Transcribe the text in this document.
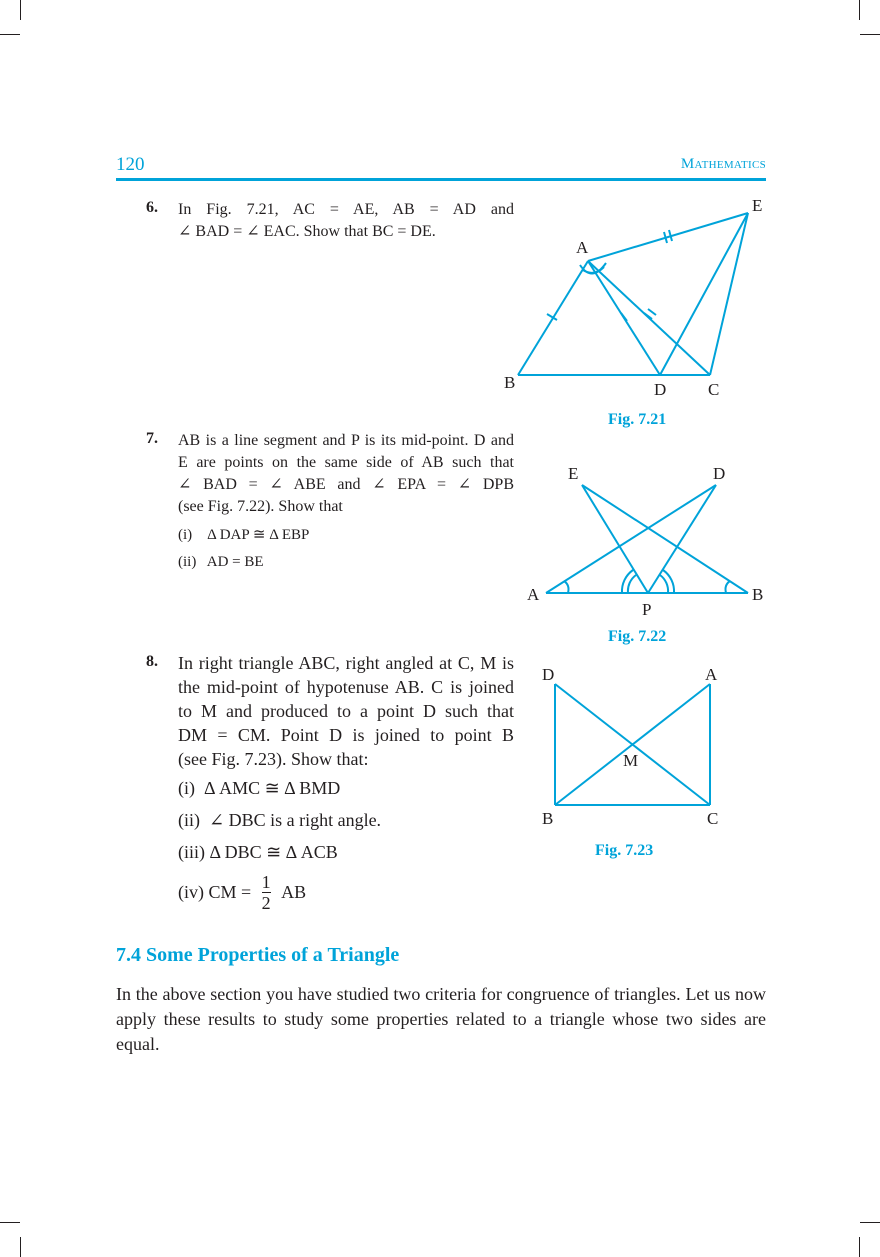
120	Mathematics
6. In Fig. 7.21, AC = AE, AB = AD and
∠ BAD = ∠ EAC. Show that BC = DE.
A
B	C
D
E
Fig. 7.21
7. AB is a line segment and P is its mid-point. D and
E are points on the same side of AB such that
∠ BAD = ∠ ABE and ∠ EPA = ∠ DPB
(see Fig. 7.22). Show that
(i)    Δ DAP ≅ Δ EBP
(ii)   AD = BE
A	B
P
D
E
Fig. 7.22
8. In right triangle ABC, right angled at C, M is
the mid-point of hypotenuse AB. C is joined
to M and produced to a point D such that
DM = CM. Point D is joined to point B
(see Fig. 7.23). Show that:
(i)  Δ AMC ≅ Δ BMD
(ii)  ∠ DBC is a right angle.
(iii) Δ DBC ≅ Δ ACB
(iv) CM = $\frac{1}{2}$ AB
A
B	C
D
M
Fig. 7.23
7.4 Some Properties of a Triangle
In the above section you have studied two criteria for congruence of triangles. Let us now apply these results to study some properties related to a triangle whose two sides are equal.
